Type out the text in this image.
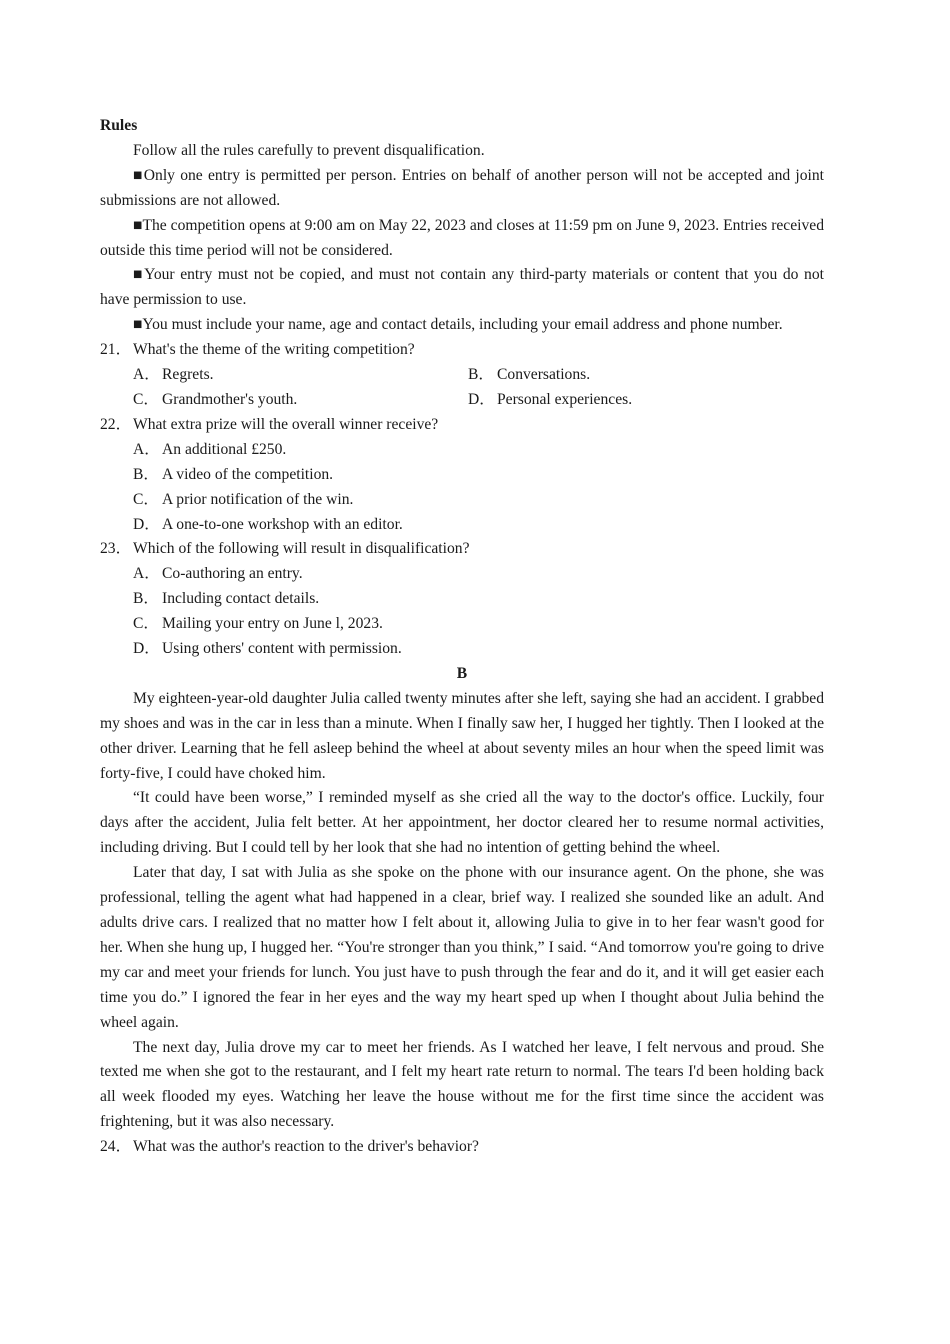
Rules

Follow all the rules carefully to prevent disqualification.

■Only one entry is permitted per person. Entries on behalf of another person will not be accepted and joint submissions are not allowed.

■The competition opens at 9:00 am on May 22, 2023 and closes at 11:59 pm on June 9, 2023. Entries received outside this time period will not be considered.

■Your entry must not be copied, and must not contain any third-party materials or content that you do not have permission to use.

■You must include your name, age and contact details, including your email address and phone number.

21． What's the theme of the writing competition?

A． Regrets.	B． Conversations.
C． Grandmother's youth.	D． Personal experiences.

22． What extra prize will the overall winner receive?

A． An additional £250.
B． A video of the competition.
C． A prior notification of the win.
D． A one-to-one workshop with an editor.

23． Which of the following will result in disqualification?

A． Co-authoring an entry.
B． Including contact details.
C． Mailing your entry on June l, 2023.
D． Using others' content with permission.

B

My eighteen-year-old daughter Julia called twenty minutes after she left, saying she had an accident. I grabbed my shoes and was in the car in less than a minute. When I finally saw her, I hugged her tightly. Then I looked at the other driver. Learning that he fell asleep behind the wheel at about seventy miles an hour when the speed limit was forty-five, I could have choked him.

“It could have been worse,” I reminded myself as she cried all the way to the doctor's office. Luckily, four days after the accident, Julia felt better. At her appointment, her doctor cleared her to resume normal activities, including driving. But I could tell by her look that she had no intention of getting behind the wheel.

Later that day, I sat with Julia as she spoke on the phone with our insurance agent. On the phone, she was professional, telling the agent what had happened in a clear, brief way. I realized she sounded like an adult. And adults drive cars. I realized that no matter how I felt about it, allowing Julia to give in to her fear wasn't good for her. When she hung up, I hugged her. “You're stronger than you think,” I said. “And tomorrow you're going to drive my car and meet your friends for lunch. You just have to push through the fear and do it, and it will get easier each time you do.” I ignored the fear in her eyes and the way my heart sped up when I thought about Julia behind the wheel again.

The next day, Julia drove my car to meet her friends. As I watched her leave, I felt nervous and proud. She texted me when she got to the restaurant, and I felt my heart rate return to normal. The tears I'd been holding back all week flooded my eyes. Watching her leave the house without me for the first time since the accident was frightening, but it was also necessary.

24． What was the author's reaction to the driver's behavior?
